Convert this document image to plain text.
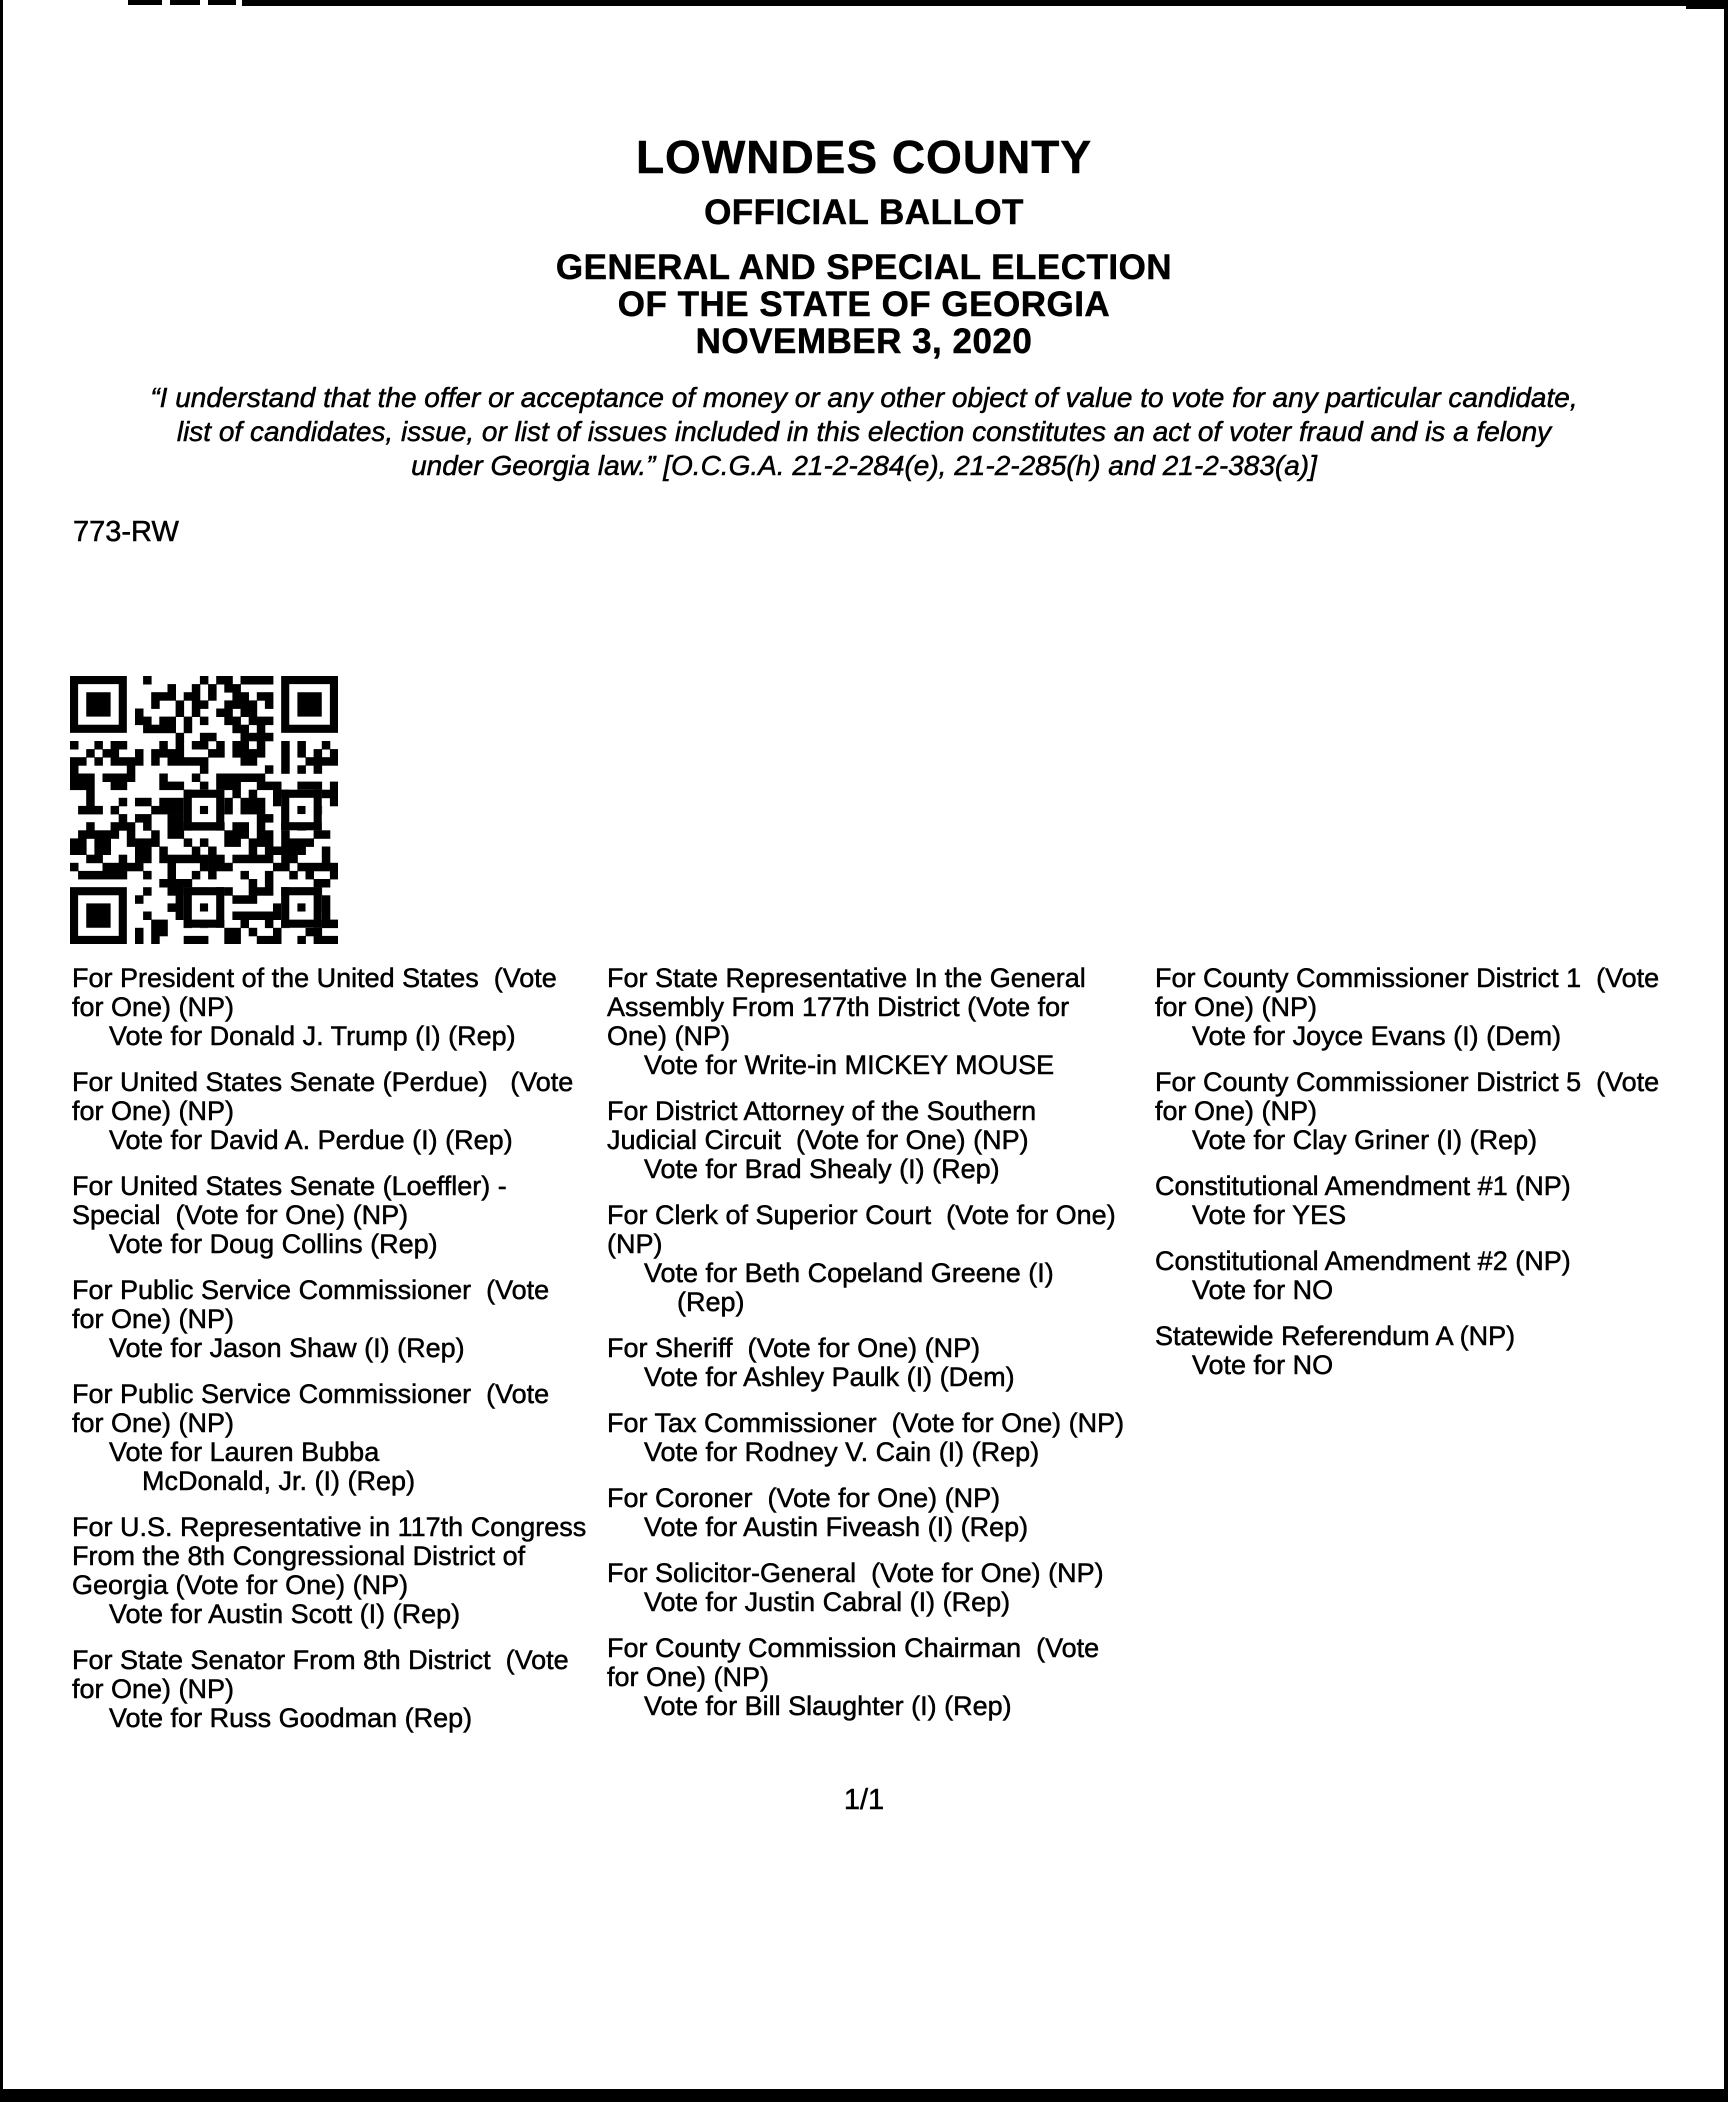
LOWNDES COUNTY
OFFICIAL BALLOT
GENERAL AND SPECIAL ELECTION
OF THE STATE OF GEORGIA
NOVEMBER 3, 2020
“I understand that the offer or acceptance of money or any other object of value to vote for any particular candidate,
list of candidates, issue, or list of issues included in this election constitutes an act of voter fraud and is a felony
under Georgia law.” [O.C.G.A. 21-2-284(e), 21-2-285(h) and 21-2-383(a)]
773-RW
For President of the United States  (Vote
for One) (NP)
Vote for Donald J. Trump (I) (Rep)
For United States Senate (Perdue)   (Vote
for One) (NP)
Vote for David A. Perdue (I) (Rep)
For United States Senate (Loeffler) -
Special  (Vote for One) (NP)
Vote for Doug Collins (Rep)
For Public Service Commissioner  (Vote
for One) (NP)
Vote for Jason Shaw (I) (Rep)
For Public Service Commissioner  (Vote
for One) (NP)
Vote for Lauren Bubba
McDonald, Jr. (I) (Rep)
For U.S. Representative in 117th Congress
From the 8th Congressional District of
Georgia (Vote for One) (NP)
Vote for Austin Scott (I) (Rep)
For State Senator From 8th District  (Vote
for One) (NP)
Vote for Russ Goodman (Rep)
For State Representative In the General
Assembly From 177th District (Vote for
One) (NP)
Vote for Write-in MICKEY MOUSE
For District Attorney of the Southern
Judicial Circuit  (Vote for One) (NP)
Vote for Brad Shealy (I) (Rep)
For Clerk of Superior Court  (Vote for One)
(NP)
Vote for Beth Copeland Greene (I)
(Rep)
For Sheriff  (Vote for One) (NP)
Vote for Ashley Paulk (I) (Dem)
For Tax Commissioner  (Vote for One) (NP)
Vote for Rodney V. Cain (I) (Rep)
For Coroner  (Vote for One) (NP)
Vote for Austin Fiveash (I) (Rep)
For Solicitor-General  (Vote for One) (NP)
Vote for Justin Cabral (I) (Rep)
For County Commission Chairman  (Vote
for One) (NP)
Vote for Bill Slaughter (I) (Rep)
For County Commissioner District 1  (Vote
for One) (NP)
Vote for Joyce Evans (I) (Dem)
For County Commissioner District 5  (Vote
for One) (NP)
Vote for Clay Griner (I) (Rep)
Constitutional Amendment #1 (NP)
Vote for YES
Constitutional Amendment #2 (NP)
Vote for NO
Statewide Referendum A (NP)
Vote for NO
1/1
